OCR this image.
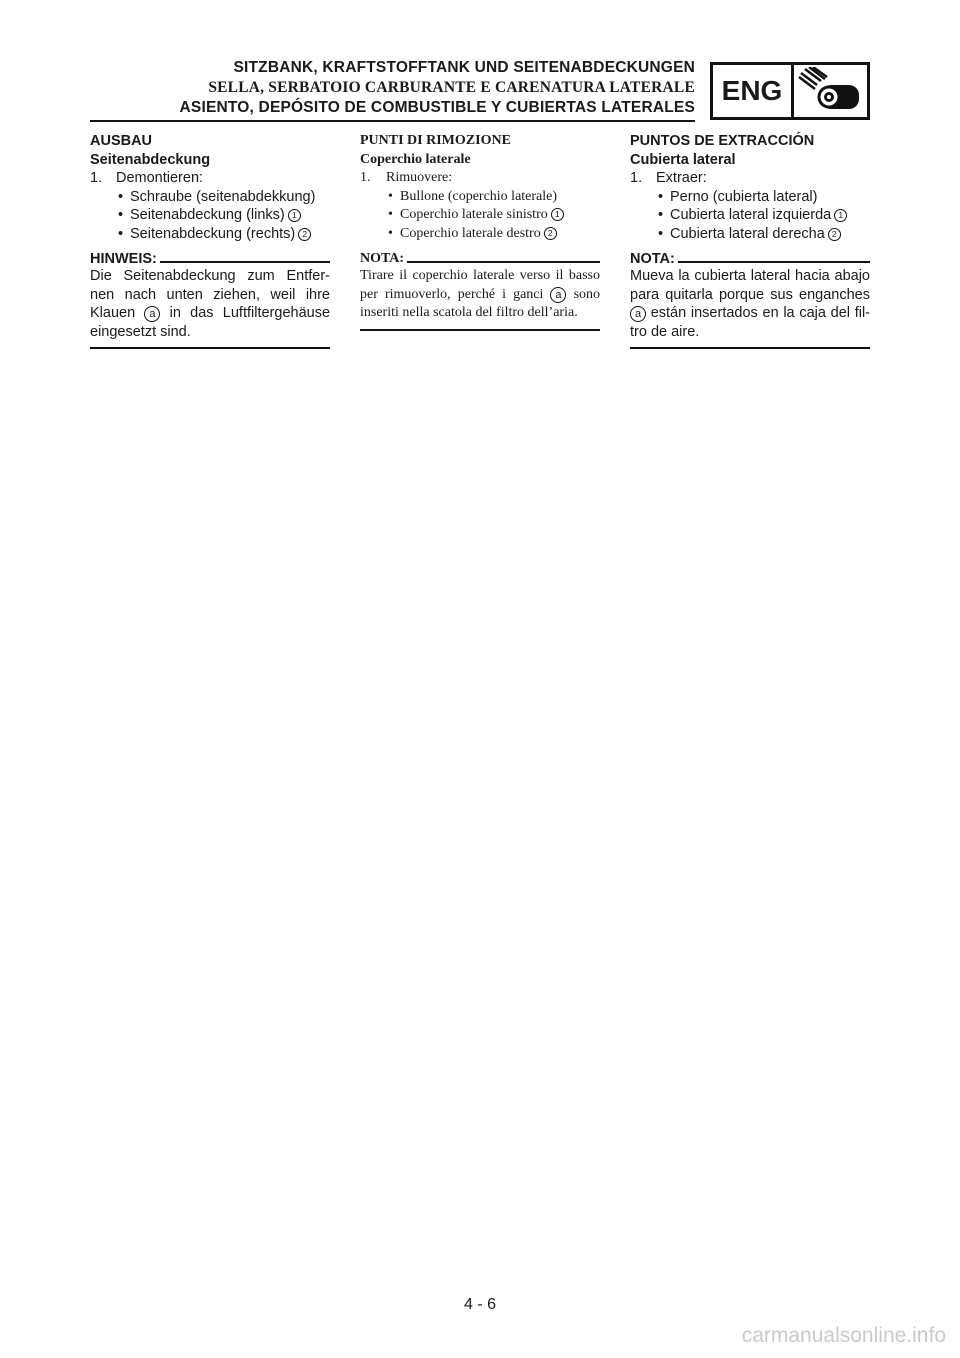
SITZBANK, KRAFTSTOFFTANK UND SEITENABDECKUNGEN
SELLA, SERBATOIO CARBURANTE E CARENATURA LATERALE
ASIENTO, DEPÓSITO DE COMBUSTIBLE Y CUBIERTAS LATERALES
ENG
AUSBAU
Seitenabdeckung
1. Demontieren:
• Schraube (seitenabdekkung)
• Seitenabdeckung (links) 1
• Seitenabdeckung (rechts) 2
HINWEIS:
Die Seitenabdeckung zum Entfer-nen nach unten ziehen, weil ihre Klauen a in das Luftfiltergehäuse eingesetzt sind.
PUNTI DI RIMOZIONE
Coperchio laterale
1.	Rimuovere:
• Bullone (coperchio laterale)
• Coperchio laterale sinistro 1
• Coperchio laterale destro 2
NOTA:
Tirare il coperchio laterale verso il basso per rimuoverlo, perché i ganci a sono inseriti nella scatola del filtro dell’aria.
PUNTOS DE EXTRACCIÓN
Cubierta lateral
1. Extraer:
• Perno (cubierta lateral)
• Cubierta lateral izquierda 1
• Cubierta lateral derecha 2
NOTA:
Mueva la cubierta lateral hacia abajo para quitarla porque sus enganches a están insertados en la caja del fil-tro de aire.
4 - 6
carmanualsonline.info
